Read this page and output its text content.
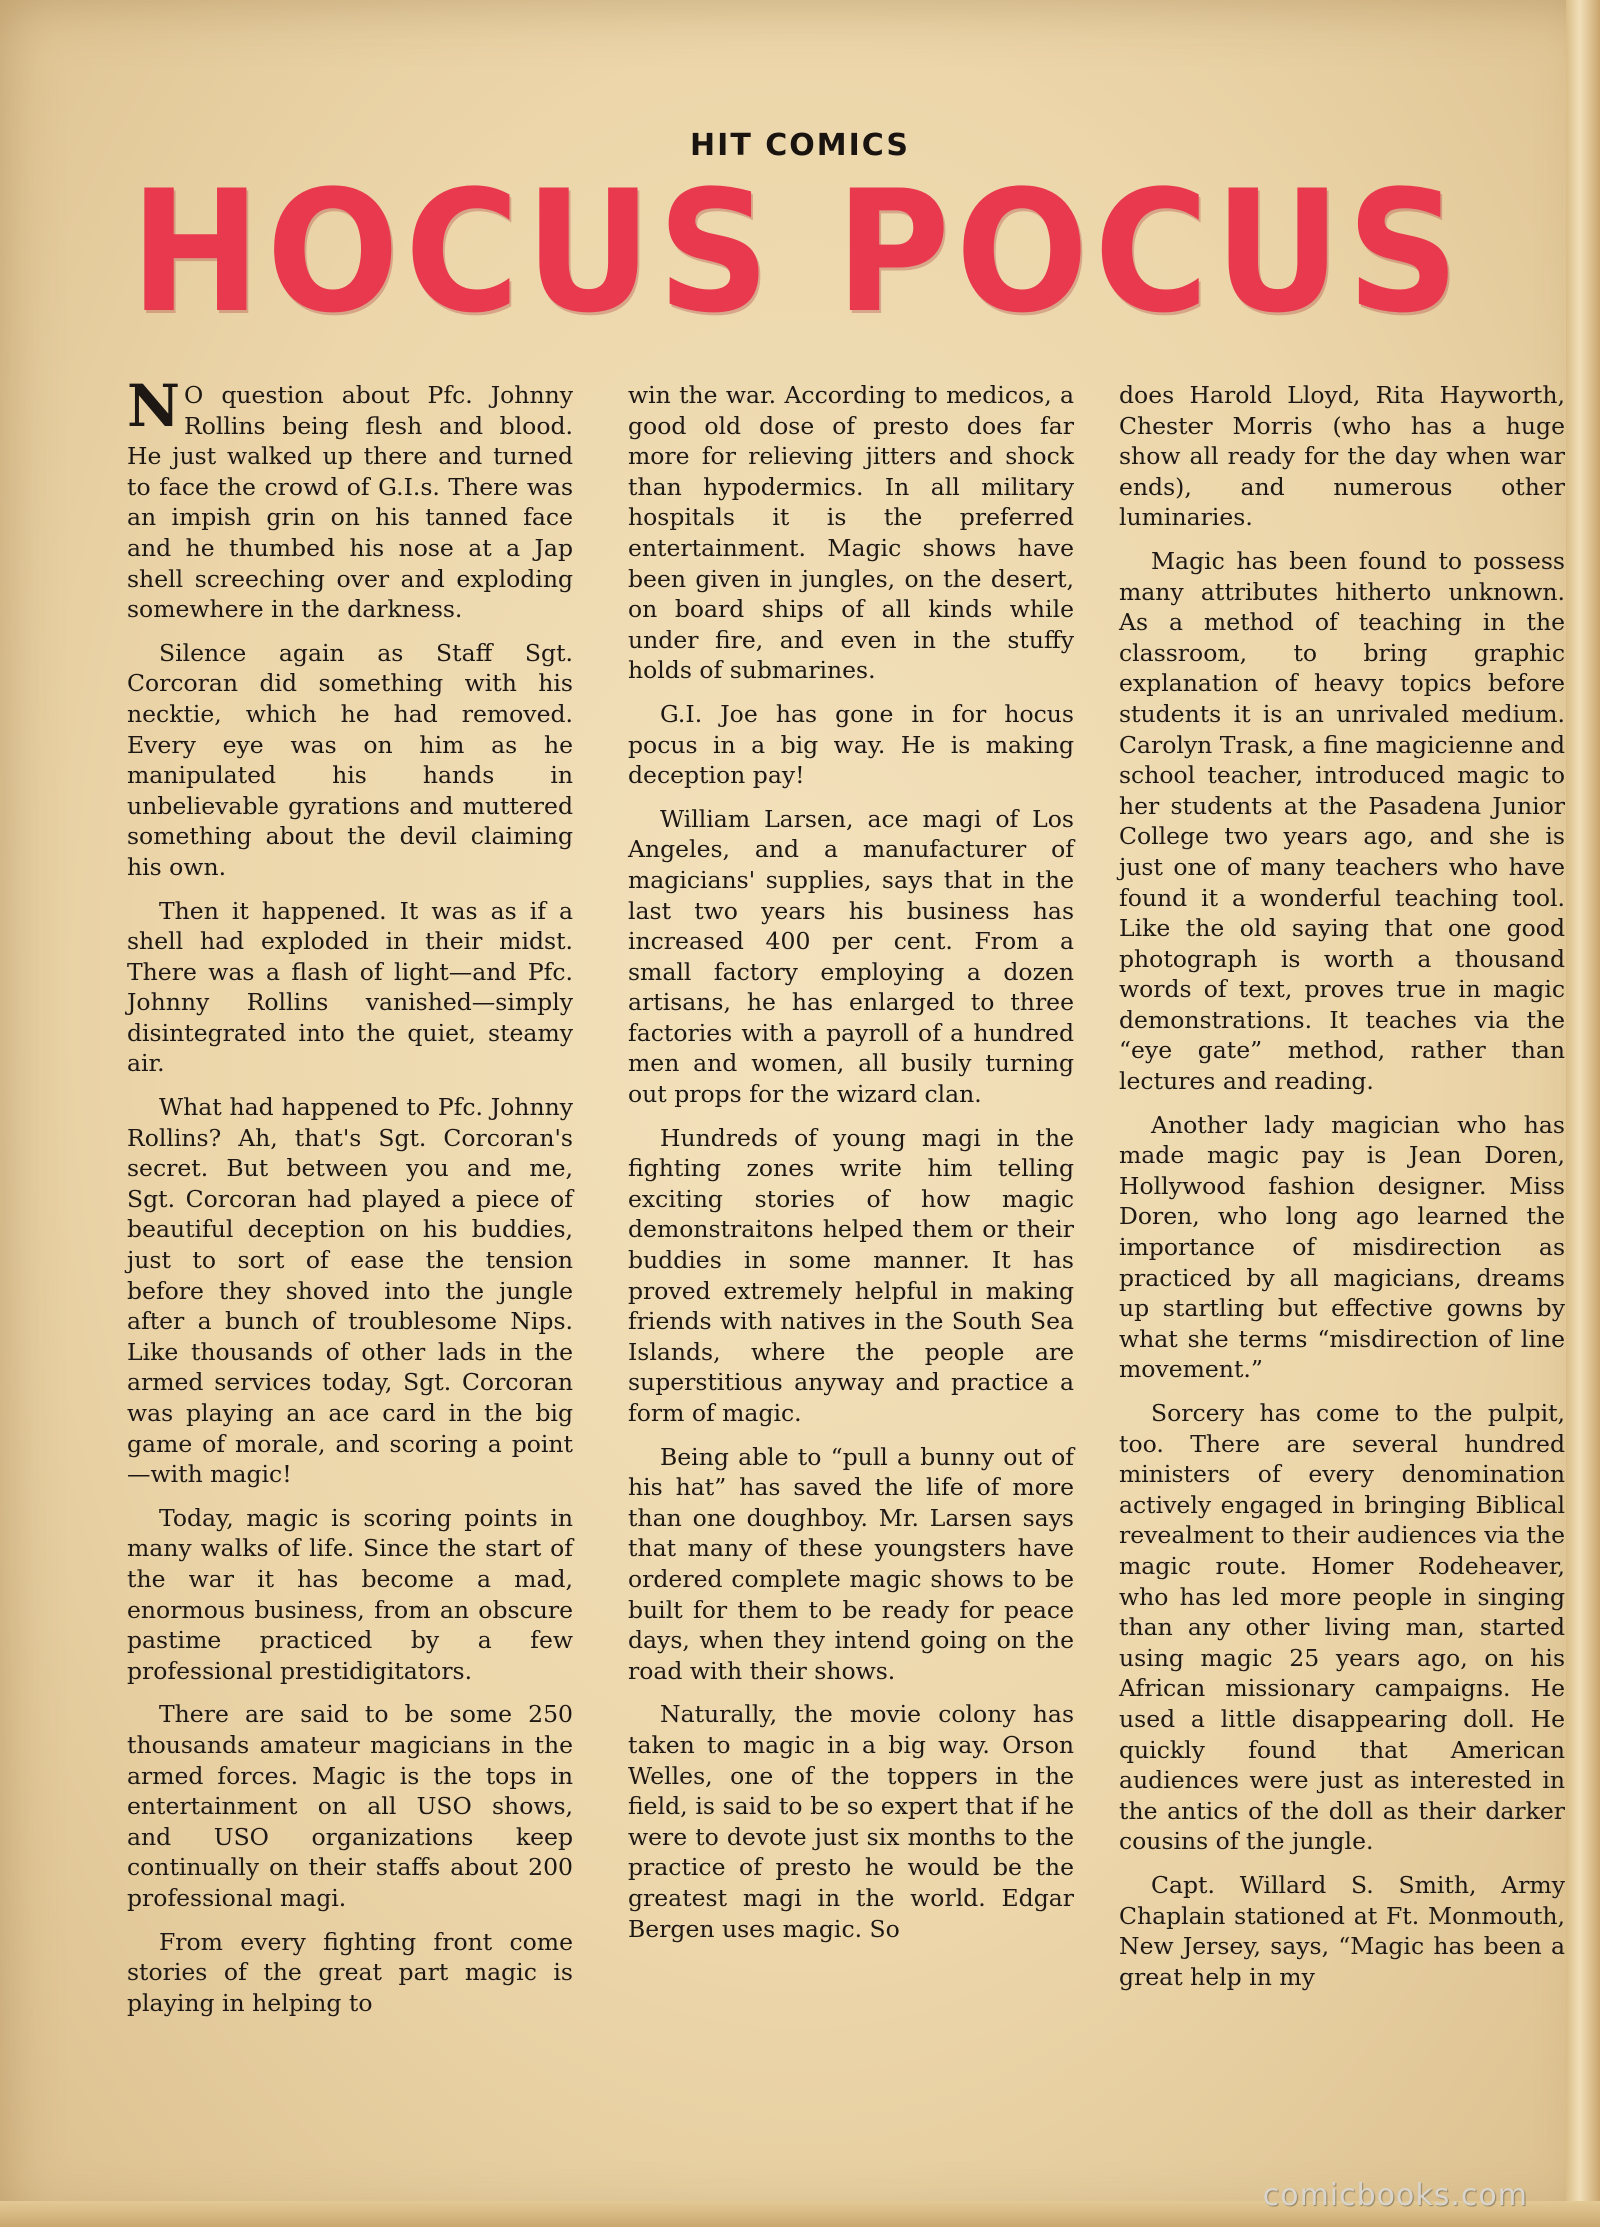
HIT COMICS
HOCUS POCUS

N O question about Pfc. Johnny Rollins being flesh and blood. He just walked up there and turned to face the crowd of G.I.s. There was an impish grin on his tanned face and he thumbed his nose at a Jap shell screeching over and exploding somewhere in the darkness.

Silence again as Staff Sgt. Corcoran did something with his necktie, which he had removed. Every eye was on him as he manipulated his hands in unbelievable gyrations and muttered something about the devil claiming his own.

Then it happened. It was as if a shell had exploded in their midst. There was a flash of light—and Pfc. Johnny Rollins vanished—simply disintegrated into the quiet, steamy air.

What had happened to Pfc. Johnny Rollins? Ah, that's Sgt. Corcoran's secret. But between you and me, Sgt. Corcoran had played a piece of beautiful deception on his buddies, just to sort of ease the tension before they shoved into the jungle after a bunch of troublesome Nips. Like thousands of other lads in the armed services today, Sgt. Corcoran was playing an ace card in the big game of morale, and scoring a point—with magic!

Today, magic is scoring points in many walks of life. Since the start of the war it has become a mad, enormous business, from an obscure pastime practiced by a few professional prestidigitators.

There are said to be some 250 thousands amateur magicians in the armed forces. Magic is the tops in entertainment on all USO shows, and USO organizations keep continually on their staffs about 200 professional magi.

From every fighting front come stories of the great part magic is playing in helping to

win the war. According to medicos, a good old dose of presto does far more for relieving jitters and shock than hypodermics. In all military hospitals it is the preferred entertainment. Magic shows have been given in jungles, on the desert, on board ships of all kinds while under fire, and even in the stuffy holds of submarines.

G.I. Joe has gone in for hocus pocus in a big way. He is making deception pay!

William Larsen, ace magi of Los Angeles, and a manufacturer of magicians' supplies, says that in the last two years his business has increased 400 per cent. From a small factory employing a dozen artisans, he has enlarged to three factories with a payroll of a hundred men and women, all busily turning out props for the wizard clan.

Hundreds of young magi in the fighting zones write him telling exciting stories of how magic demonstraitons helped them or their buddies in some manner. It has proved extremely helpful in making friends with natives in the South Sea Islands, where the people are superstitious anyway and practice a form of magic.

Being able to “pull a bunny out of his hat” has saved the life of more than one doughboy. Mr. Larsen says that many of these youngsters have ordered complete magic shows to be built for them to be ready for peace days, when they intend going on the road with their shows.

Naturally, the movie colony has taken to magic in a big way. Orson Welles, one of the toppers in the field, is said to be so expert that if he were to devote just six months to the practice of presto he would be the greatest magi in the world. Edgar Bergen uses magic. So

does Harold Lloyd, Rita Hayworth, Chester Morris (who has a huge show all ready for the day when war ends), and numerous other luminaries.

Magic has been found to possess many attributes hitherto unknown. As a method of teaching in the classroom, to bring graphic explanation of heavy topics before students it is an unrivaled medium. Carolyn Trask, a fine magicienne and school teacher, introduced magic to her students at the Pasadena Junior College two years ago, and she is just one of many teachers who have found it a wonderful teaching tool. Like the old saying that one good photograph is worth a thousand words of text, proves true in magic demonstrations. It teaches via the “eye gate” method, rather than lectures and reading.

Another lady magician who has made magic pay is Jean Doren, Hollywood fashion designer. Miss Doren, who long ago learned the importance of misdirection as practiced by all magicians, dreams up startling but effective gowns by what she terms “misdirection of line movement.”

Sorcery has come to the pulpit, too. There are several hundred ministers of every denomination actively engaged in bringing Biblical revealment to their audiences via the magic route. Homer Rodeheaver, who has led more people in singing than any other living man, started using magic 25 years ago, on his African missionary campaigns. He used a little disappearing doll. He quickly found that American audiences were just as interested in the antics of the doll as their darker cousins of the jungle.

Capt. Willard S. Smith, Army Chaplain stationed at Ft. Monmouth, New Jersey, says, “Magic has been a great help in my

comicbooks.com
